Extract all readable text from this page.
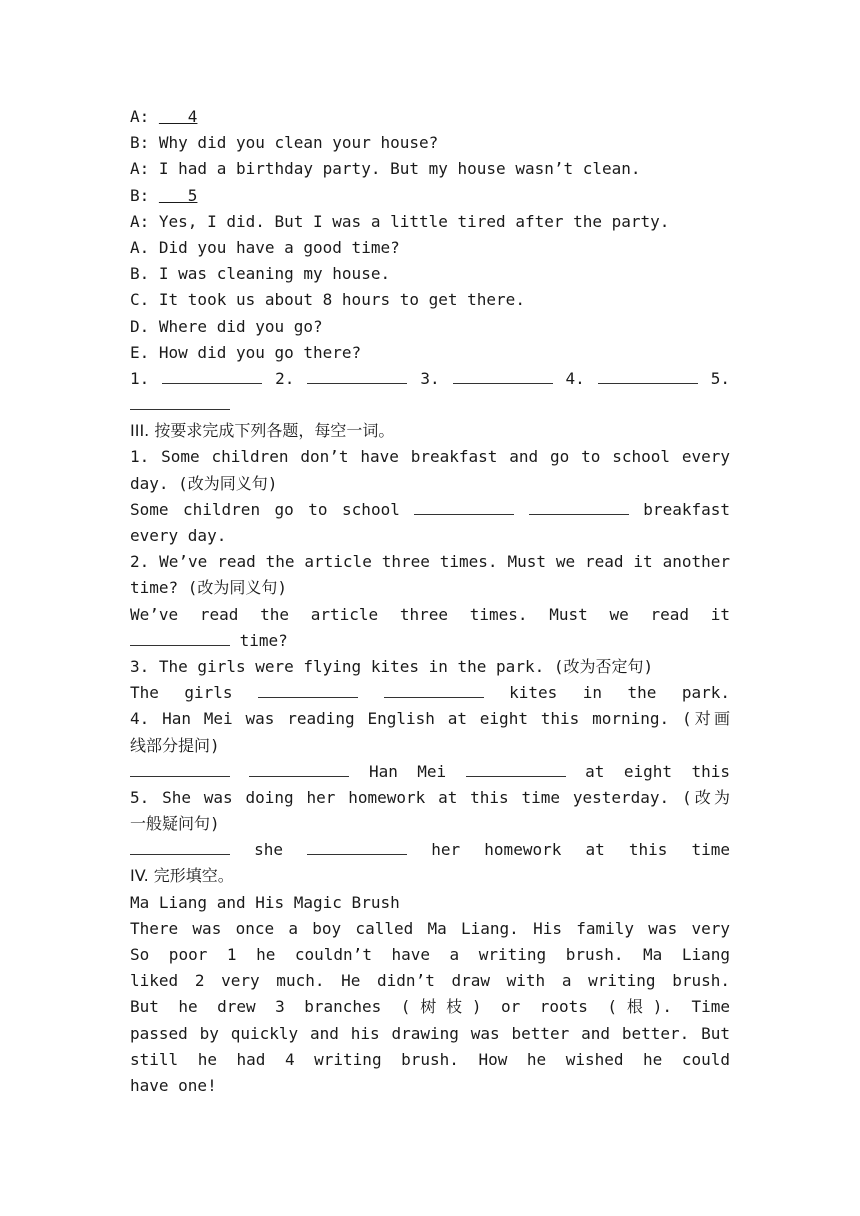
A:    4
B: Why did you clean your house?
A: I had a birthday party. But my house wasn’t clean.
B:    5
A: Yes, I did. But I was a little tired after the party.
A. Did you have a good time?
B. I was cleaning my house.
C. It took us about 8 hours to get there.
D. Where did you go?
E. How did you go there?
1.	2.	3.	4.	5.
III. 按要求完成下列各题，每空一词。
1. Some children don’t have breakfast and go to school every
day. (改为同义句)
Some children go to school	breakfast
every day.
2. We’ve read the article three times. Must we read it another
time? (改为同义句)
We’ve read the article three times. Must we read it
time?
3. The girls were flying kites in the park. (改为否定句)
The girls	kites in the park.
4. Han Mei was reading English at eight this morning. (对画
线部分提问)
Han Mei	at eight this
5. She was doing her homework at this time yesterday. (改为
一般疑问句)
she	her homework at this time
IV. 完形填空。
Ma Liang and His Magic Brush
There was once a boy called Ma Liang. His family was very
So poor 1 he couldn’t have a writing brush. Ma Liang
liked 2 very much. He didn’t draw with a writing brush.
But he drew 3 branches (树枝) or roots (根). Time
passed by quickly and his drawing was better and better. But
still he had 4 writing brush. How he wished he could
have one!
